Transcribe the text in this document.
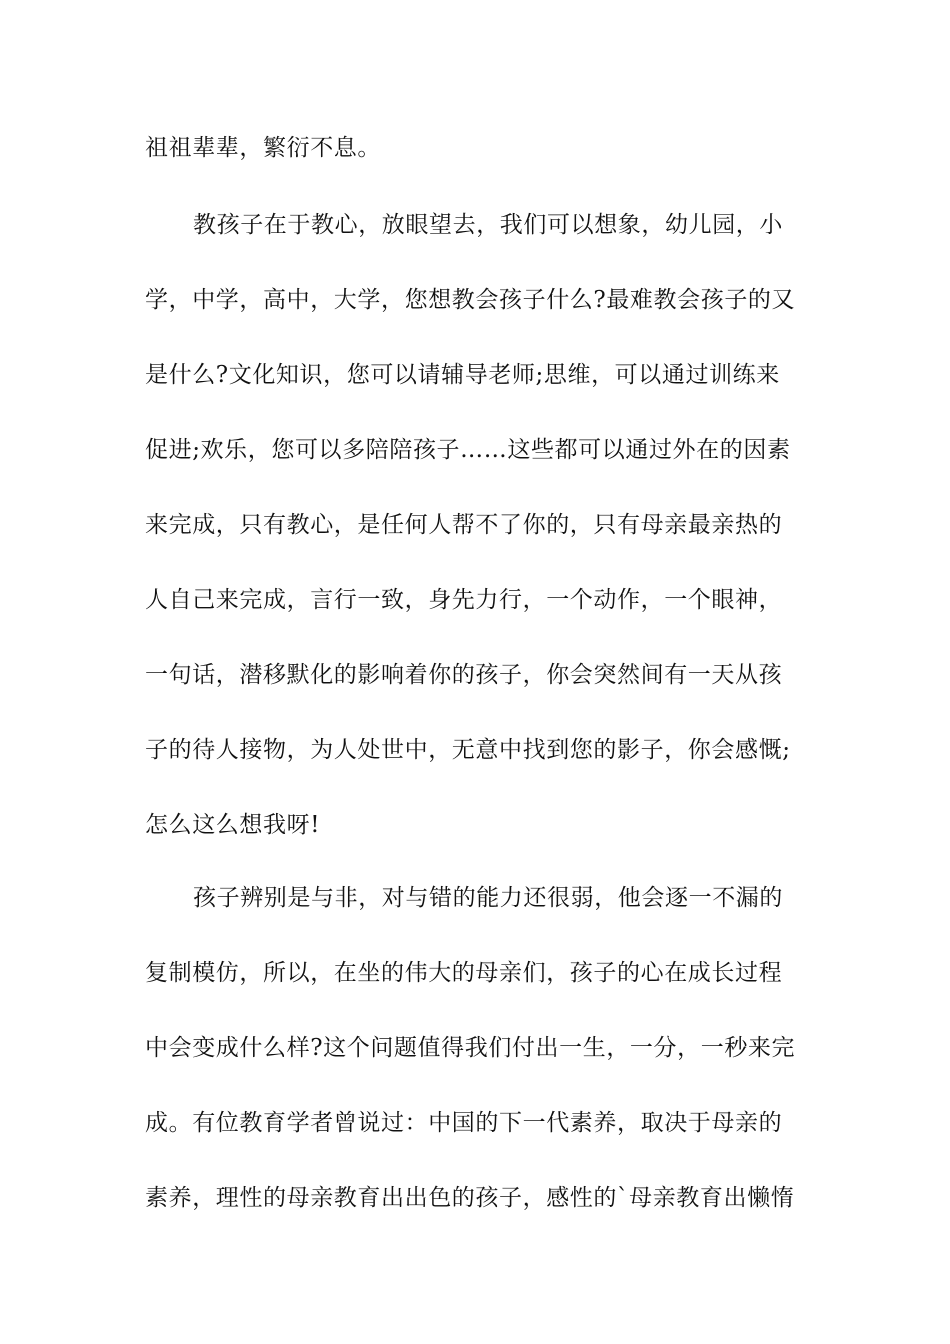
祖祖辈辈，繁衍不息。
教孩子在于教心，放眼望去，我们可以想象，幼儿园，小
学，中学，高中，大学，您想教会孩子什么?最难教会孩子的又
是什么?文化知识，您可以请辅导老师;思维，可以通过训练来
促进;欢乐，您可以多陪陪孩子……这些都可以通过外在的因素
来完成，只有教心，是任何人帮不了你的，只有母亲最亲热的
人自己来完成，言行一致，身先力行，一个动作，一个眼神，
一句话，潜移默化的影响着你的孩子，你会突然间有一天从孩
子的待人接物，为人处世中，无意中找到您的影子，你会感慨;
怎么这么想我呀!
孩子辨别是与非，对与错的能力还很弱，他会逐一不漏的
复制模仿，所以，在坐的伟大的母亲们，孩子的心在成长过程
中会变成什么样?这个问题值得我们付出一生，一分，一秒来完
成。有位教育学者曾说过：中国的下一代素养，取决于母亲的
素养，理性的母亲教育出出色的孩子，感性的`母亲教育出懒惰
